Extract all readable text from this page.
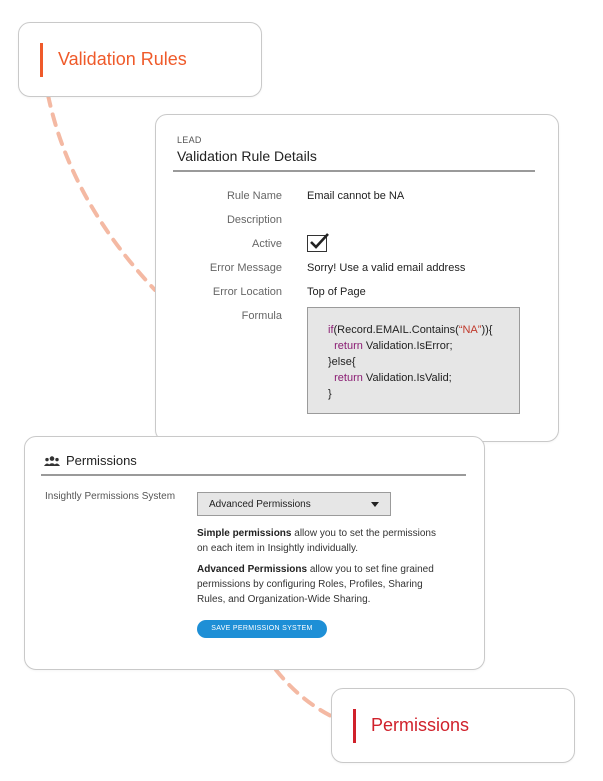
Validation Rules
LEAD
Validation Rule Details
Rule Name Email cannot be NA
Description
Active
Error Message Sorry! Use a valid email address
Error Location Top of Page
Formula
if(Record.EMAIL.Contains(“NA”)){
return Validation.IsError;
}else{
return Validation.IsValid;
}
Permissions
Insightly Permissions System
Advanced Permissions
Simple permissions allow you to set the permissions on each item in Insightly individually.
Advanced Permissions allow you to set fine grained permissions by configuring Roles, Profiles, Sharing Rules, and Organization-Wide Sharing.
SAVE PERMISSION SYSTEM
Permissions
